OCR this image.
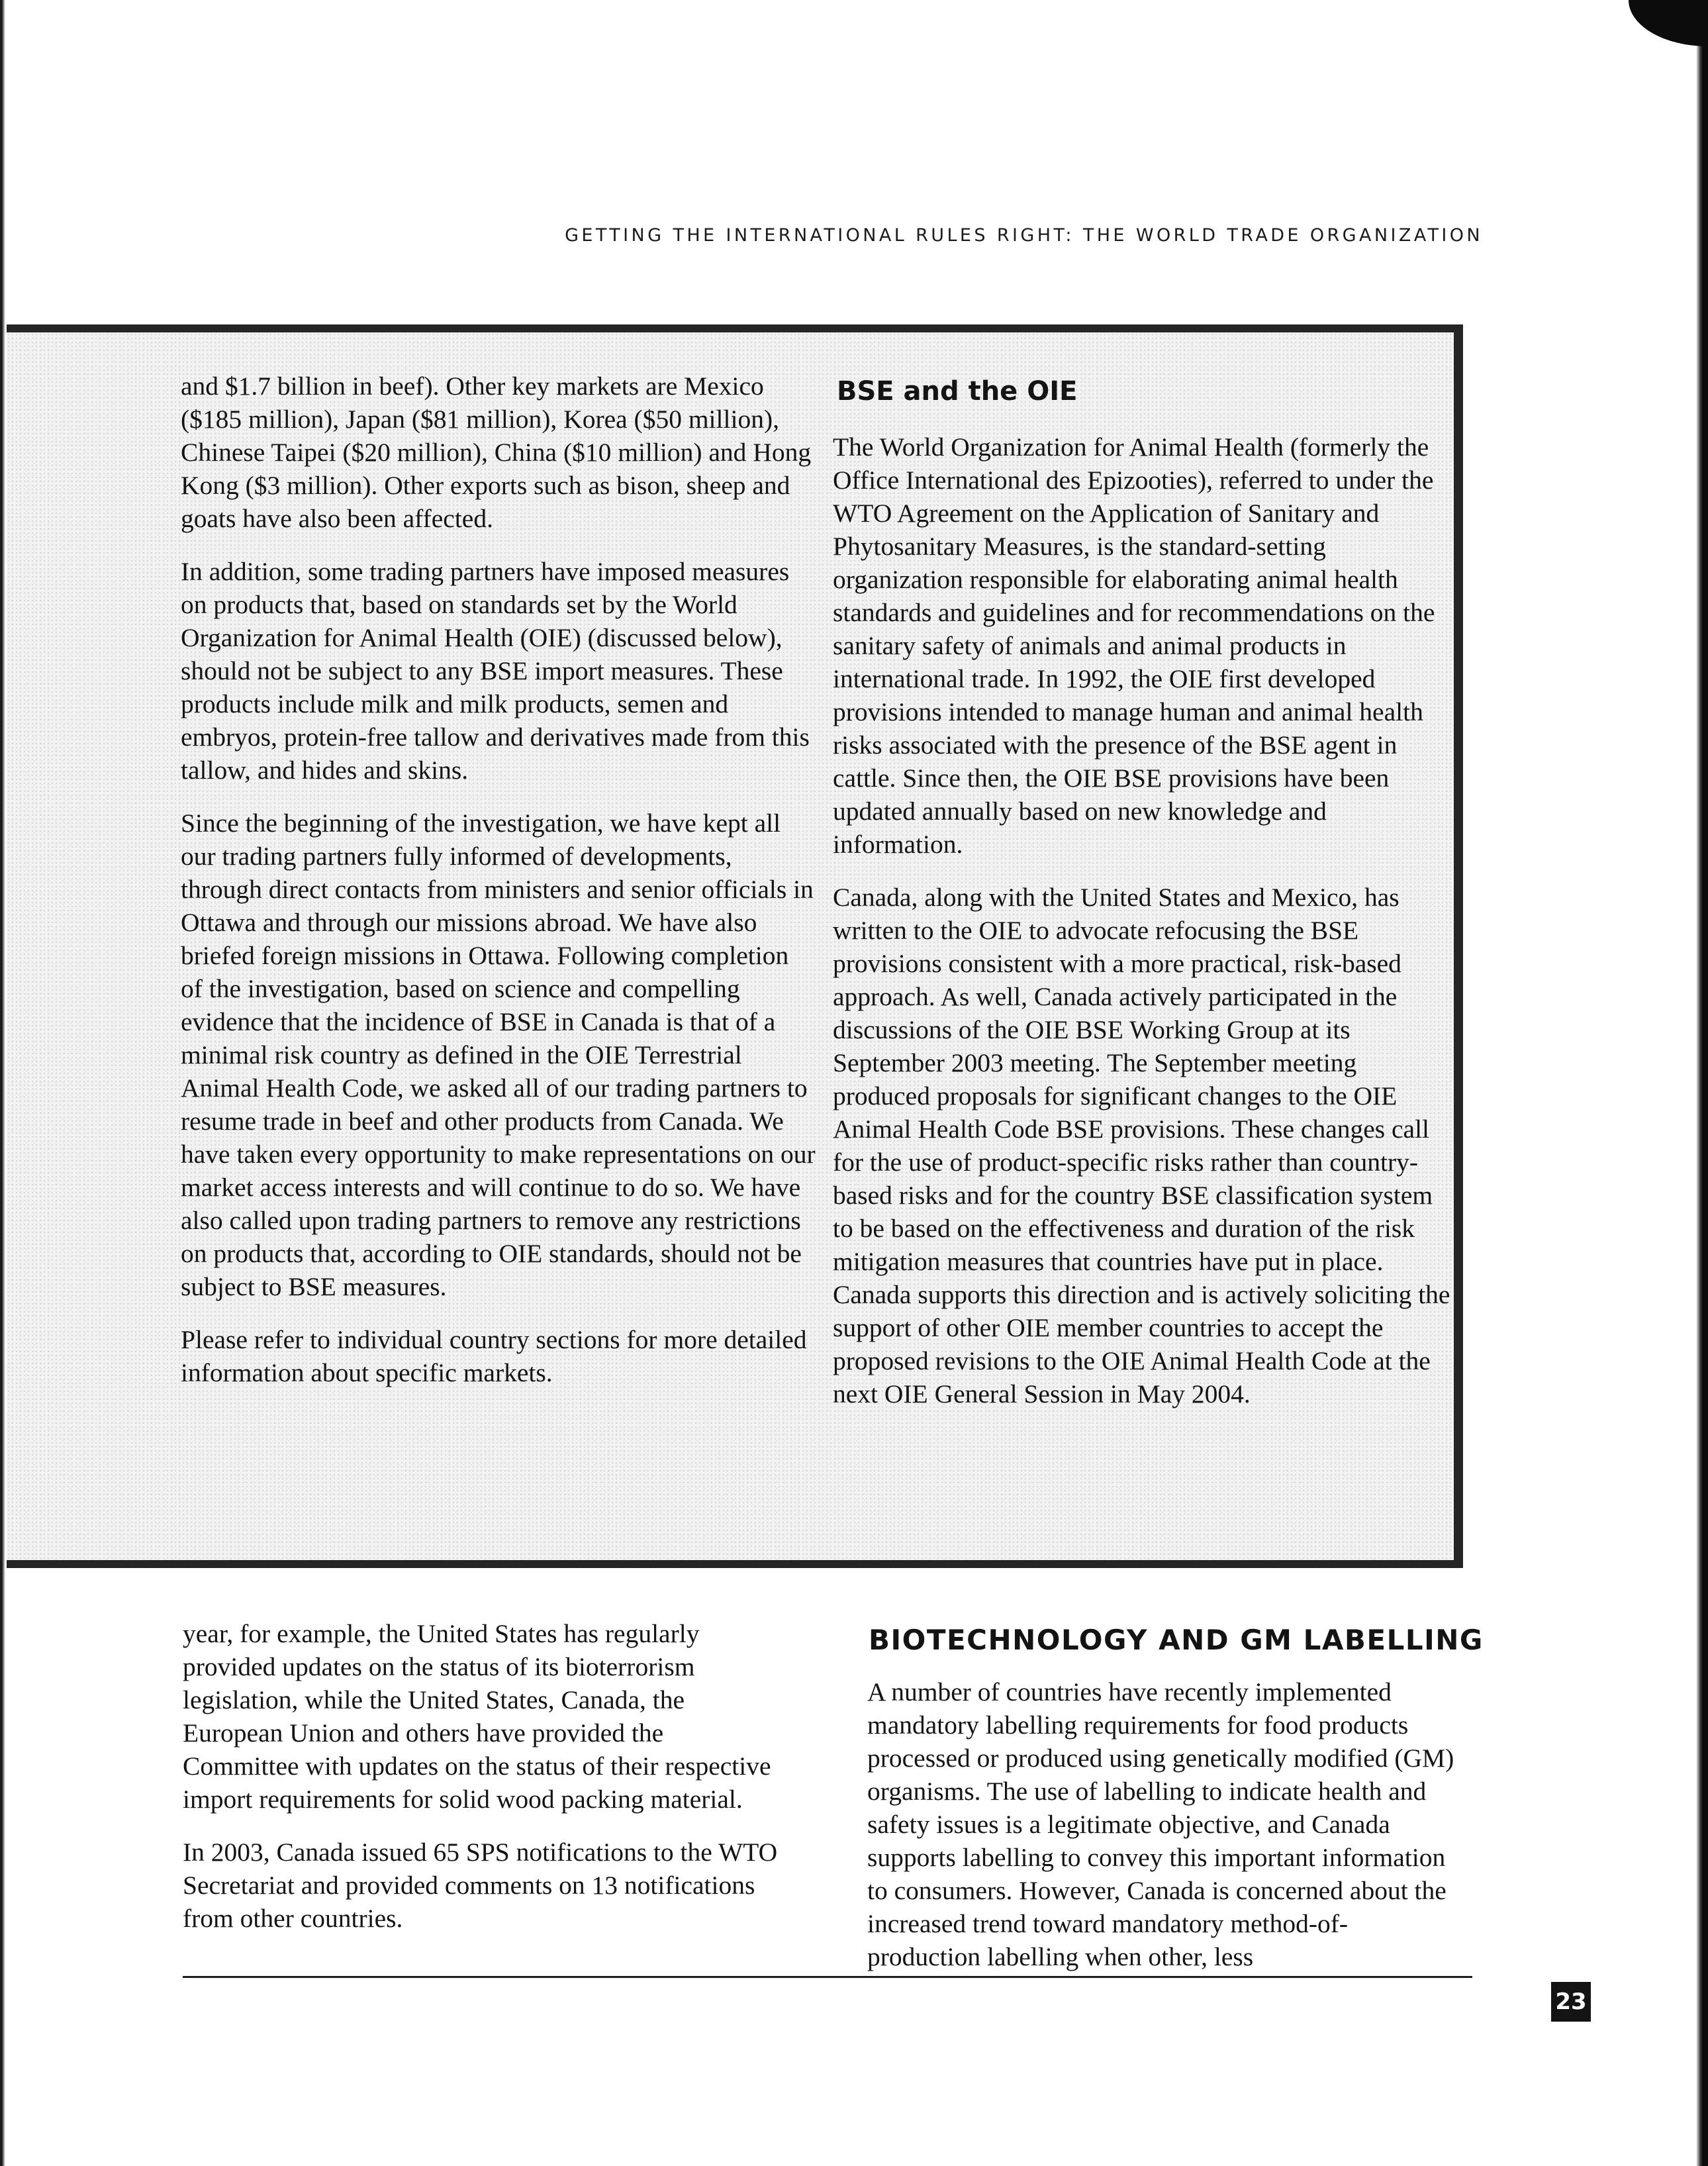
GETTING THE INTERNATIONAL RULES RIGHT: THE WORLD TRADE ORGANIZATION

and $1.7 billion in beef). Other key markets are Mexico ($185 million), Japan ($81 million), Korea ($50 million), Chinese Taipei ($20 million), China ($10 million) and Hong Kong ($3 million). Other exports such as bison, sheep and goats have also been affected.

In addition, some trading partners have imposed measures on products that, based on standards set by the World Organization for Animal Health (OIE) (discussed below), should not be subject to any BSE import measures. These products include milk and milk products, semen and embryos, protein-free tallow and derivatives made from this tallow, and hides and skins.

Since the beginning of the investigation, we have kept all our trading partners fully informed of developments, through direct contacts from ministers and senior officials in Ottawa and through our missions abroad. We have also briefed foreign missions in Ottawa. Following completion of the investigation, based on science and compelling evidence that the incidence of BSE in Canada is that of a minimal risk country as defined in the OIE Terrestrial Animal Health Code, we asked all of our trading partners to resume trade in beef and other products from Canada. We have taken every opportunity to make representations on our market access interests and will continue to do so. We have also called upon trading partners to remove any restrictions on products that, according to OIE standards, should not be subject to BSE measures.

Please refer to individual country sections for more detailed information about specific markets.

BSE and the OIE

The World Organization for Animal Health (formerly the Office International des Epizooties), referred to under the WTO Agreement on the Application of Sanitary and Phytosanitary Measures, is the standard-setting organization responsible for elaborating animal health standards and guidelines and for recommendations on the sanitary safety of animals and animal products in international trade. In 1992, the OIE first developed provisions intended to manage human and animal health risks associated with the presence of the BSE agent in cattle. Since then, the OIE BSE provisions have been updated annually based on new knowledge and information.

Canada, along with the United States and Mexico, has written to the OIE to advocate refocusing the BSE provisions consistent with a more practical, risk-based approach. As well, Canada actively participated in the discussions of the OIE BSE Working Group at its September 2003 meeting. The September meeting produced proposals for significant changes to the OIE Animal Health Code BSE provisions. These changes call for the use of product-specific risks rather than country-based risks and for the country BSE classification system to be based on the effectiveness and duration of the risk mitigation measures that countries have put in place. Canada supports this direction and is actively soliciting the support of other OIE member countries to accept the proposed revisions to the OIE Animal Health Code at the next OIE General Session in May 2004.

year, for example, the United States has regularly provided updates on the status of its bioterrorism legislation, while the United States, Canada, the European Union and others have provided the Committee with updates on the status of their respective import requirements for solid wood packing material.

In 2003, Canada issued 65 SPS notifications to the WTO Secretariat and provided comments on 13 notifications from other countries.

BIOTECHNOLOGY AND GM LABELLING

A number of countries have recently implemented mandatory labelling requirements for food products processed or produced using genetically modified (GM) organisms. The use of labelling to indicate health and safety issues is a legitimate objective, and Canada supports labelling to convey this important information to consumers. However, Canada is concerned about the increased trend toward mandatory method-of-production labelling when other, less

23
